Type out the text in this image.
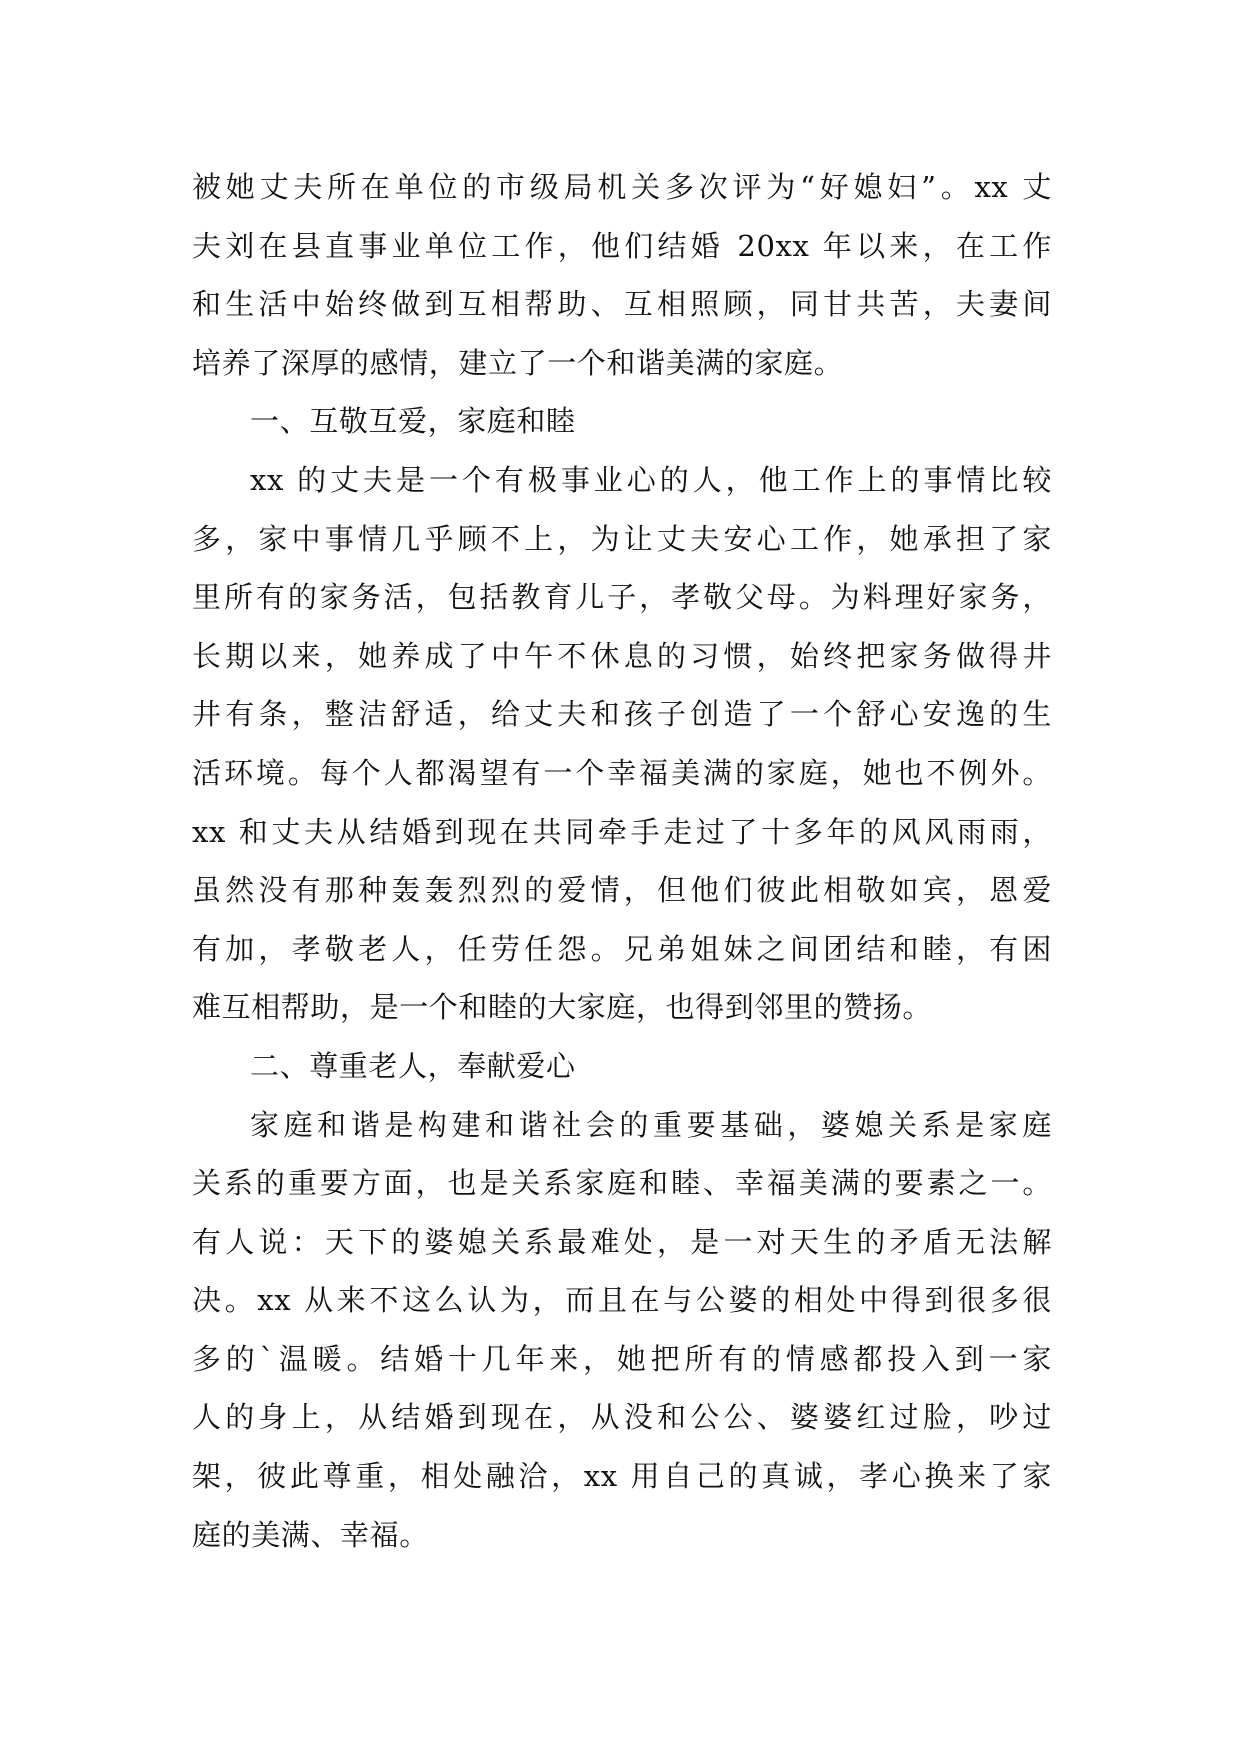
被她丈夫所在单位的市级局机关多次评为“好媳妇”。xx 丈
夫刘在县直事业单位工作，他们结婚 20xx 年以来，在工作
和生活中始终做到互相帮助、互相照顾，同甘共苦，夫妻间
培养了深厚的感情，建立了一个和谐美满的家庭。

一、互敬互爱，家庭和睦

xx 的丈夫是一个有极事业心的人，他工作上的事情比较
多，家中事情几乎顾不上，为让丈夫安心工作，她承担了家
里所有的家务活，包括教育儿子，孝敬父母。为料理好家务，
长期以来，她养成了中午不休息的习惯，始终把家务做得井
井有条，整洁舒适，给丈夫和孩子创造了一个舒心安逸的生
活环境。每个人都渴望有一个幸福美满的家庭，她也不例外。
xx 和丈夫从结婚到现在共同牵手走过了十多年的风风雨雨，
虽然没有那种轰轰烈烈的爱情，但他们彼此相敬如宾，恩爱
有加，孝敬老人，任劳任怨。兄弟姐妹之间团结和睦，有困
难互相帮助，是一个和睦的大家庭，也得到邻里的赞扬。

二、尊重老人，奉献爱心

家庭和谐是构建和谐社会的重要基础，婆媳关系是家庭
关系的重要方面，也是关系家庭和睦、幸福美满的要素之一。
有人说：天下的婆媳关系最难处，是一对天生的矛盾无法解
决。xx 从来不这么认为，而且在与公婆的相处中得到很多很
多的`温暖。结婚十几年来，她把所有的情感都投入到一家
人的身上，从结婚到现在，从没和公公、婆婆红过脸，吵过
架，彼此尊重，相处融洽，xx 用自己的真诚，孝心换来了家
庭的美满、幸福。
